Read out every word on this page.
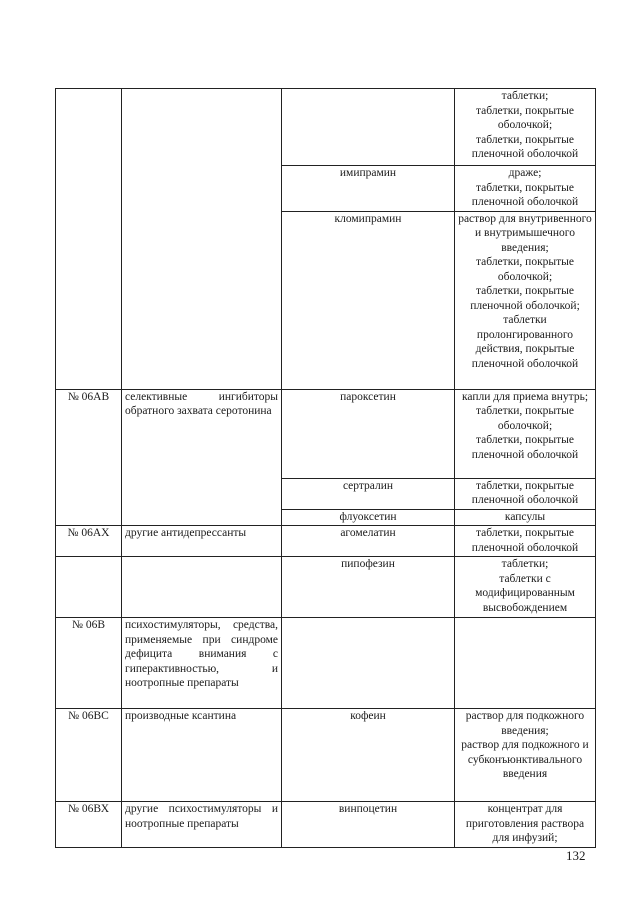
			таблетки;
таблетки, покрытые оболочкой;
таблетки, покрытые пленочной оболочкой
		имипрамин	драже;
таблетки, покрытые пленочной оболочкой
		кломипрамин	раствор для внутривенного и внутримышечного введения;
таблетки, покрытые оболочкой;
таблетки, покрытые пленочной оболочкой;
таблетки пролонгированного действия, покрытые пленочной оболочкой
№ 06АВ	селективные ингибиторы обратного захвата серотонина	пароксетин	капли для приема внутрь;
таблетки, покрытые оболочкой;
таблетки, покрытые пленочной оболочкой
		сертралин	таблетки, покрытые пленочной оболочкой
		флуоксетин	капсулы
№ 06АХ	другие антидепрессанты	агомелатин	таблетки, покрытые пленочной оболочкой
		пипофезин	таблетки;
таблетки с модифицированным высвобождением
№ 06В	психостимуляторы, средства, применяемые при синдроме дефицита внимания с гиперактивностью, и ноотропные препараты		
№ 06ВС	производные ксантина	кофеин	раствор для подкожного введения;
раствор для подкожного и субконъюнктивального введения
№ 06ВХ	другие психостимуляторы и ноотропные препараты	винпоцетин	концентрат для приготовления раствора для инфузий;
132
